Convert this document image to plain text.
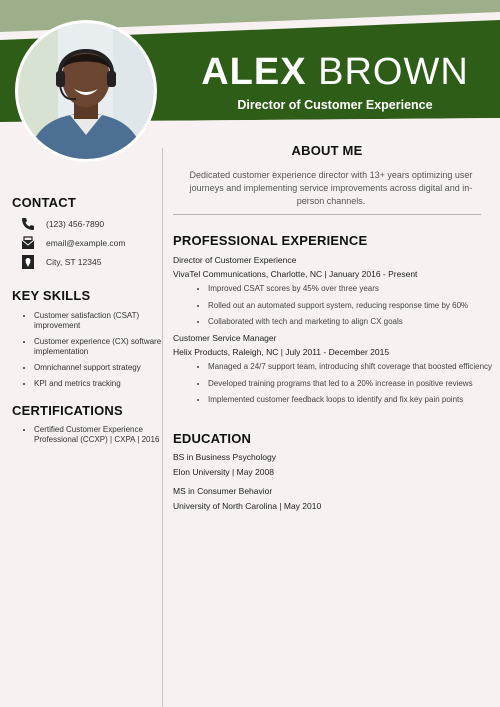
ALEX BROWN
Director of Customer Experience
CONTACT
(123) 456-7890
email@example.com
City, ST 12345
KEY SKILLS
• Customer satisfaction (CSAT) improvement
• Customer experience (CX) software implementation
• Omnichannel support strategy
• KPI and metrics tracking
CERTIFICATIONS
• Certified Customer Experience Professional (CCXP) | CXPA | 2016
ABOUT ME
Dedicated customer experience director with 13+ years optimizing user journeys and implementing service improvements across digital and in-person channels.
PROFESSIONAL EXPERIENCE
Director of Customer Experience
VivaTel Communications, Charlotte, NC | January 2016 - Present
• Improved CSAT scores by 45% over three years
• Rolled out an automated support system, reducing response time by 60%
• Collaborated with tech and marketing to align CX goals
Customer Service Manager
Helix Products, Raleigh, NC | July 2011 - December 2015
• Managed a 24/7 support team, introducing shift coverage that boosted efficiency
• Developed training programs that led to a 20% increase in positive reviews
• Implemented customer feedback loops to identify and fix key pain points
EDUCATION
BS in Business Psychology
Elon University | May 2008
MS in Consumer Behavior
University of North Carolina | May 2010
